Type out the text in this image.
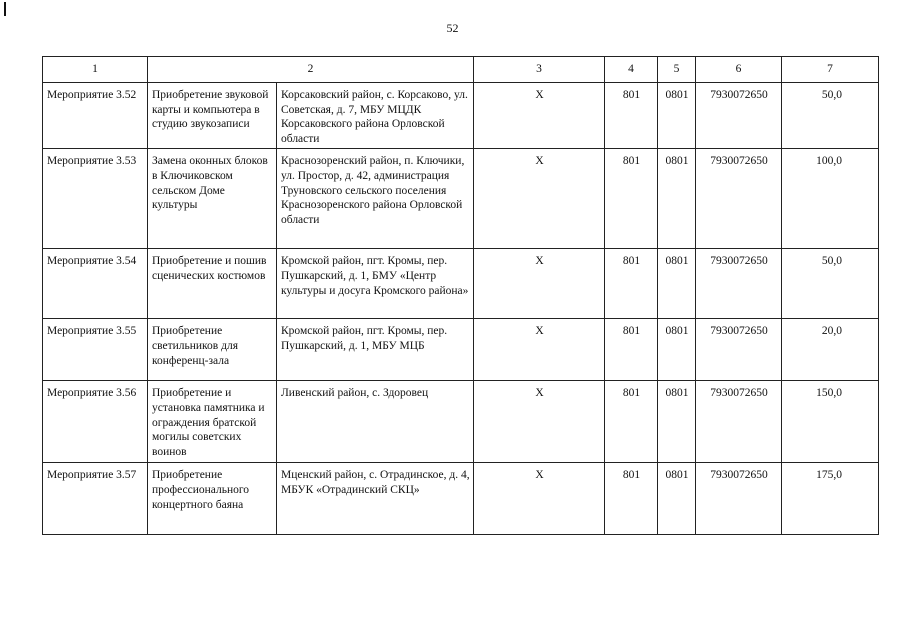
52
1	2		3	4	5	6	7
Мероприятие 3.52	Приобретение звуковой карты и компьютера в студию звукозаписи	Корсаковский район, с. Корсаково, ул. Советская, д. 7, МБУ МЦДК Корсаковского района Орловской области	Х	801	0801	7930072650	50,0
Мероприятие 3.53	Замена оконных блоков в Ключиковском сельском Доме культуры	Краснозоренский район, п. Ключики, ул. Простор, д. 42, администрация Труновского сельского поселения Краснозоренского района Орловской области	Х	801	0801	7930072650	100,0
Мероприятие 3.54	Приобретение и пошив сценических костюмов	Кромской район, пгт. Кромы, пер. Пушкарский, д. 1, БМУ «Центр культуры и досуга Кромского района»	Х	801	0801	7930072650	50,0
Мероприятие 3.55	Приобретение светильников для конференц-зала	Кромской район, пгт. Кромы, пер. Пушкарский, д. 1, МБУ МЦБ	Х	801	0801	7930072650	20,0
Мероприятие 3.56	Приобретение и установка памятника и ограждения братской могилы советских воинов	Ливенский район, с. Здоровец	Х	801	0801	7930072650	150,0
Мероприятие 3.57	Приобретение профессионального концертного баяна	Мценский район, с. Отрадинское, д. 4, МБУК «Отрадинский СКЦ»	Х	801	0801	7930072650	175,0
